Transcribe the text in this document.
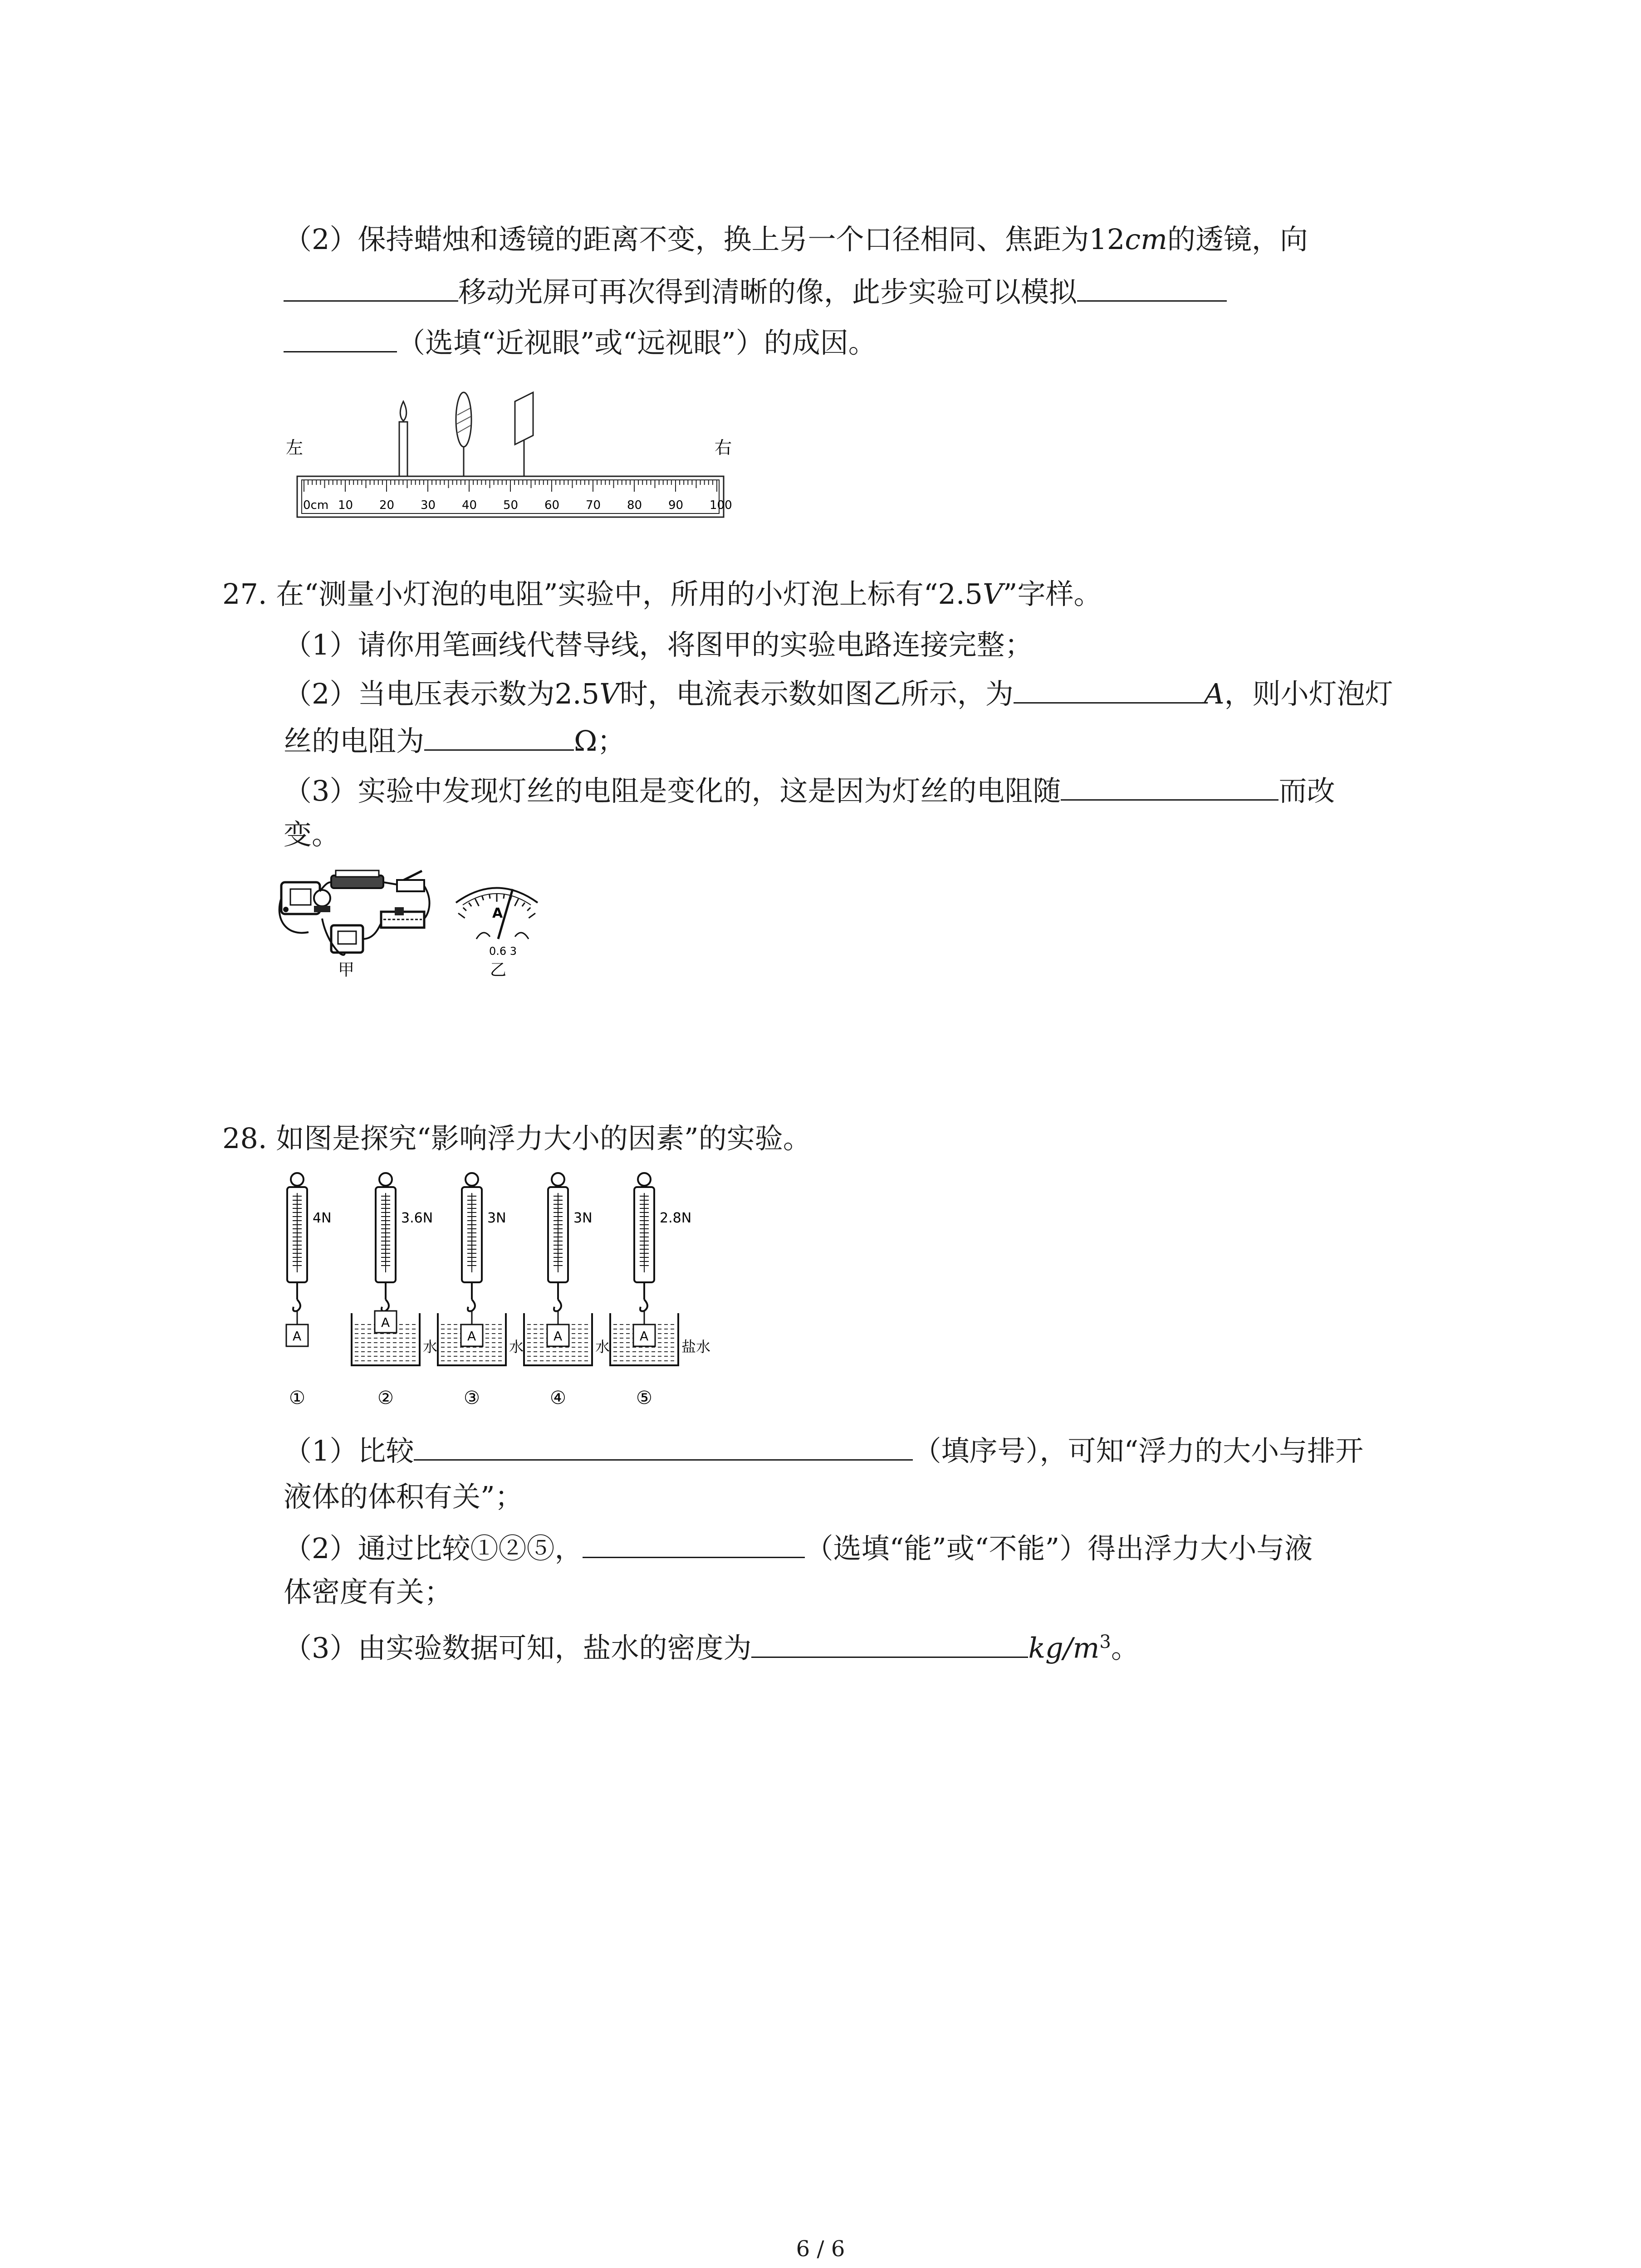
（2）保持蜡烛和透镜的距离不变，换上另一个口径相同、焦距为12cm的透镜，向
移动光屏可再次得到清晰的像，此步实验可以模拟
（选填“近视眼”或“远视眼”）的成因。
左	右
0cm 10 20 30 40 50 60 70 80 90 100
27. 在“测量小灯泡的电阻”实验中，所用的小灯泡上标有“2.5V”字样。
（1）请你用笔画线代替导线，将图甲的实验电路连接完整；
（2）当电压表示数为2.5V时，电流表示数如图乙所示，为	A，则小灯泡灯
丝的电阻为	Ω；
（3）实验中发现灯丝的电阻是变化的，这是因为灯丝的电阻随	而改
变。
甲
A
0.6 3
乙
28. 如图是探究“影响浮力大小的因素”的实验。
4N
A
①
3.6N
A
水
②
3N
A
水
③
3N
A
水
④
2.8N
A
盐水
⑤
（1）比较	（填序号），可知“浮力的大小与排开
液体的体积有关”；
（2）通过比较①②⑤，	（选填“能”或“不能”）得出浮力大小与液
体密度有关；
（3）由实验数据可知，盐水的密度为	$kg/m^3$。
6 / 6
